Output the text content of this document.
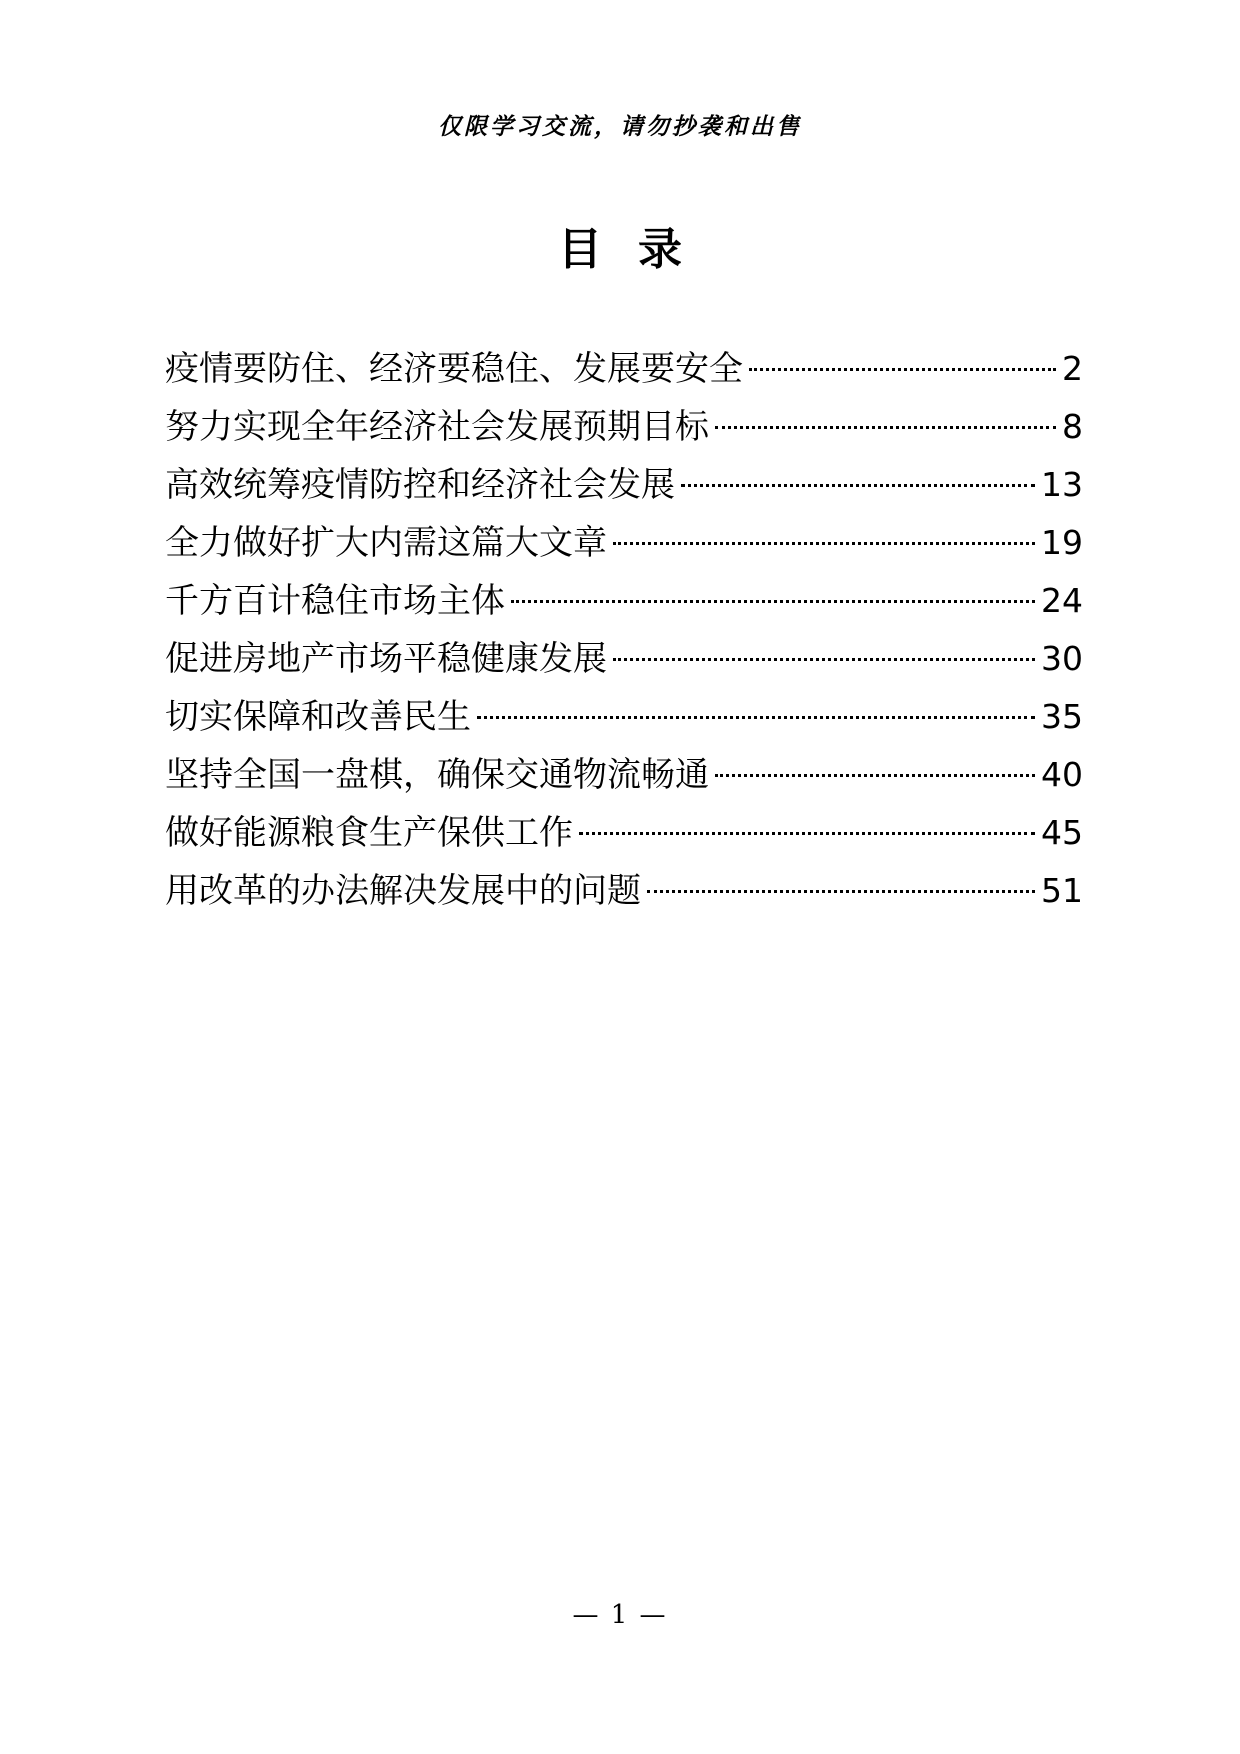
仅限学习交流，请勿抄袭和出售
目录
疫情要防住、经济要稳住、发展要安全	2
努力实现全年经济社会发展预期目标	8
高效统筹疫情防控和经济社会发展	13
全力做好扩大内需这篇大文章	19
千方百计稳住市场主体	24
促进房地产市场平稳健康发展	30
切实保障和改善民生	35
坚持全国一盘棋，确保交通物流畅通	40
做好能源粮食生产保供工作	45
用改革的办法解决发展中的问题	51
— 1 —
